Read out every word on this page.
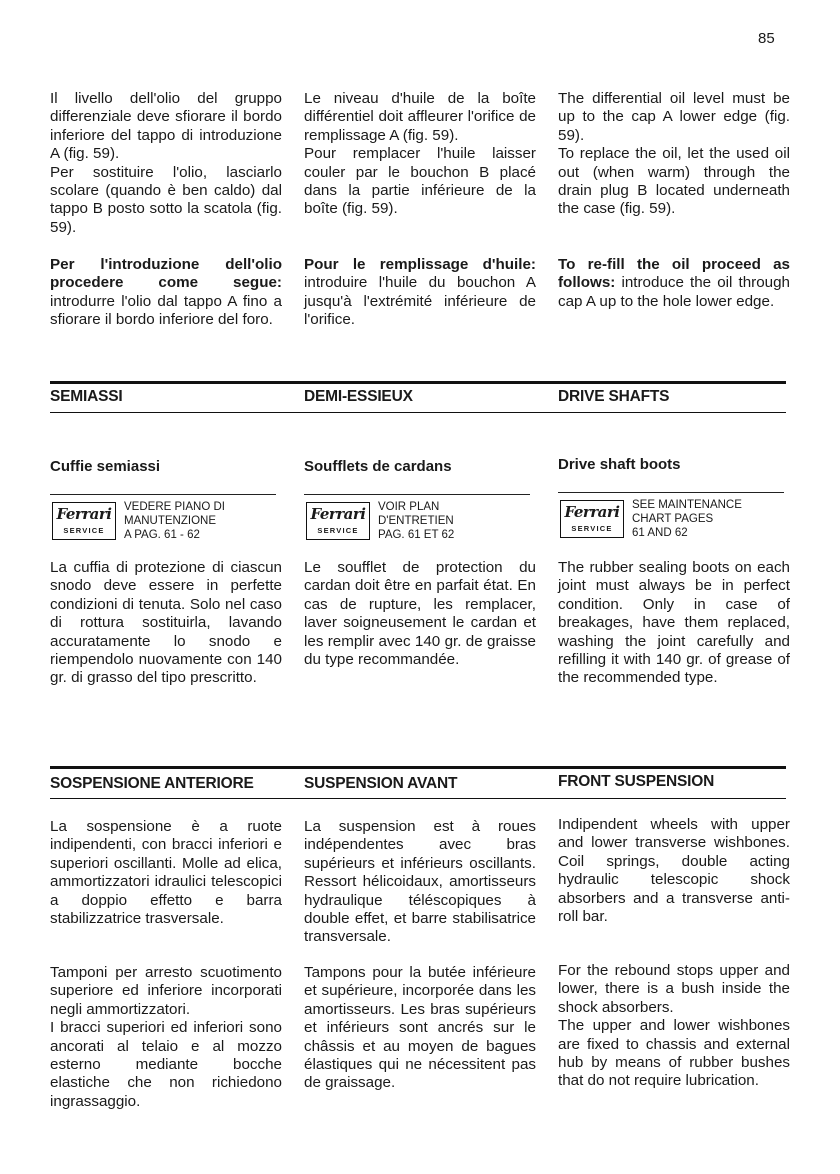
85

Il livello dell'olio del gruppo differenziale deve sfiorare il bordo inferiore del tappo di introduzione A (fig. 59).

Per sostituire l'olio, lasciarlo scolare (quando è ben caldo) dal tappo B posto sotto la scatola (fig. 59).

Le niveau d'huile de la boîte différentiel doit affleurer l'orifice de remplissage A (fig. 59).

Pour remplacer l'huile laisser couler par le bouchon B placé dans la partie inférieure de la boîte (fig. 59).

The differential oil level must be up to the cap A lower edge (fig. 59).

To replace the oil, let the used oil out (when warm) through the drain plug B located underneath the case (fig. 59).

Per l'introduzione dell'olio procedere come segue: introdurre l'olio dal tappo A fino a sfiorare il bordo inferiore del foro.

Pour le remplissage d'huile: introduire l'huile du bouchon A jusqu'à l'extrémité inférieure de l'orifice.

To re-fill the oil proceed as follows: introduce the oil through cap A up to the hole lower edge.

SEMIASSI	DEMI-ESSIEUX	DRIVE SHAFTS
Cuffie semiassi	Soufflets de cardans	Drive shaft boots
Ferrari
SERVICE
VEDERE PIANO DI
MANUTENZIONE
A PAG. 61 - 62
Ferrari
SERVICE
VOIR PLAN
D'ENTRETIEN
PAG. 61 ET 62
Ferrari
SERVICE
SEE MAINTENANCE
CHART PAGES
61 AND 62

La cuffia di protezione di ciascun snodo deve essere in perfette condizioni di tenuta. Solo nel caso di rottura sostituirla, lavando accuratamente lo snodo e riempendolo nuovamente con 140 gr. di grasso del tipo prescritto.

Le soufflet de protection du cardan doit être en parfait état. En cas de rupture, les remplacer, laver soigneusement le cardan et les remplir avec 140 gr. de graisse du type recommandée.

The rubber sealing boots on each joint must always be in perfect condition. Only in case of breakages, have them replaced, washing the joint carefully and refilling it with 140 gr. of grease of the recommended type.

SOSPENSIONE ANTERIORE	SUSPENSION AVANT	FRONT SUSPENSION

La sospensione è a ruote indipendenti, con bracci inferiori e superiori oscillanti. Molle ad elica, ammortizzatori idraulici telescopici a doppio effetto e barra stabilizzatrice trasversale.

La suspension est à roues indépendentes avec bras supérieurs et inférieurs oscillants. Ressort hélicoidaux, amortisseurs hydraulique téléscopiques à double effet, et barre stabilisatrice transversale.

Indipendent wheels with upper and lower transverse wishbones. Coil springs, double acting hydraulic telescopic shock absorbers and a transverse anti-roll bar.

Tamponi per arresto scuotimento superiore ed inferiore incorporati negli ammortizzatori.

I bracci superiori ed inferiori sono ancorati al telaio e al mozzo esterno mediante bocche elastiche che non richiedono ingrassaggio.

Tampons pour la butée inférieure et supérieure, incorporée dans les amortisseurs. Les bras supérieurs et inférieurs sont ancrés sur le châssis et au moyen de bagues élastiques qui ne nécessitent pas de graissage.

For the rebound stops upper and lower, there is a bush inside the shock absorbers.

The upper and lower wishbones are fixed to chassis and external hub by means of rubber bushes that do not require lubrication.
